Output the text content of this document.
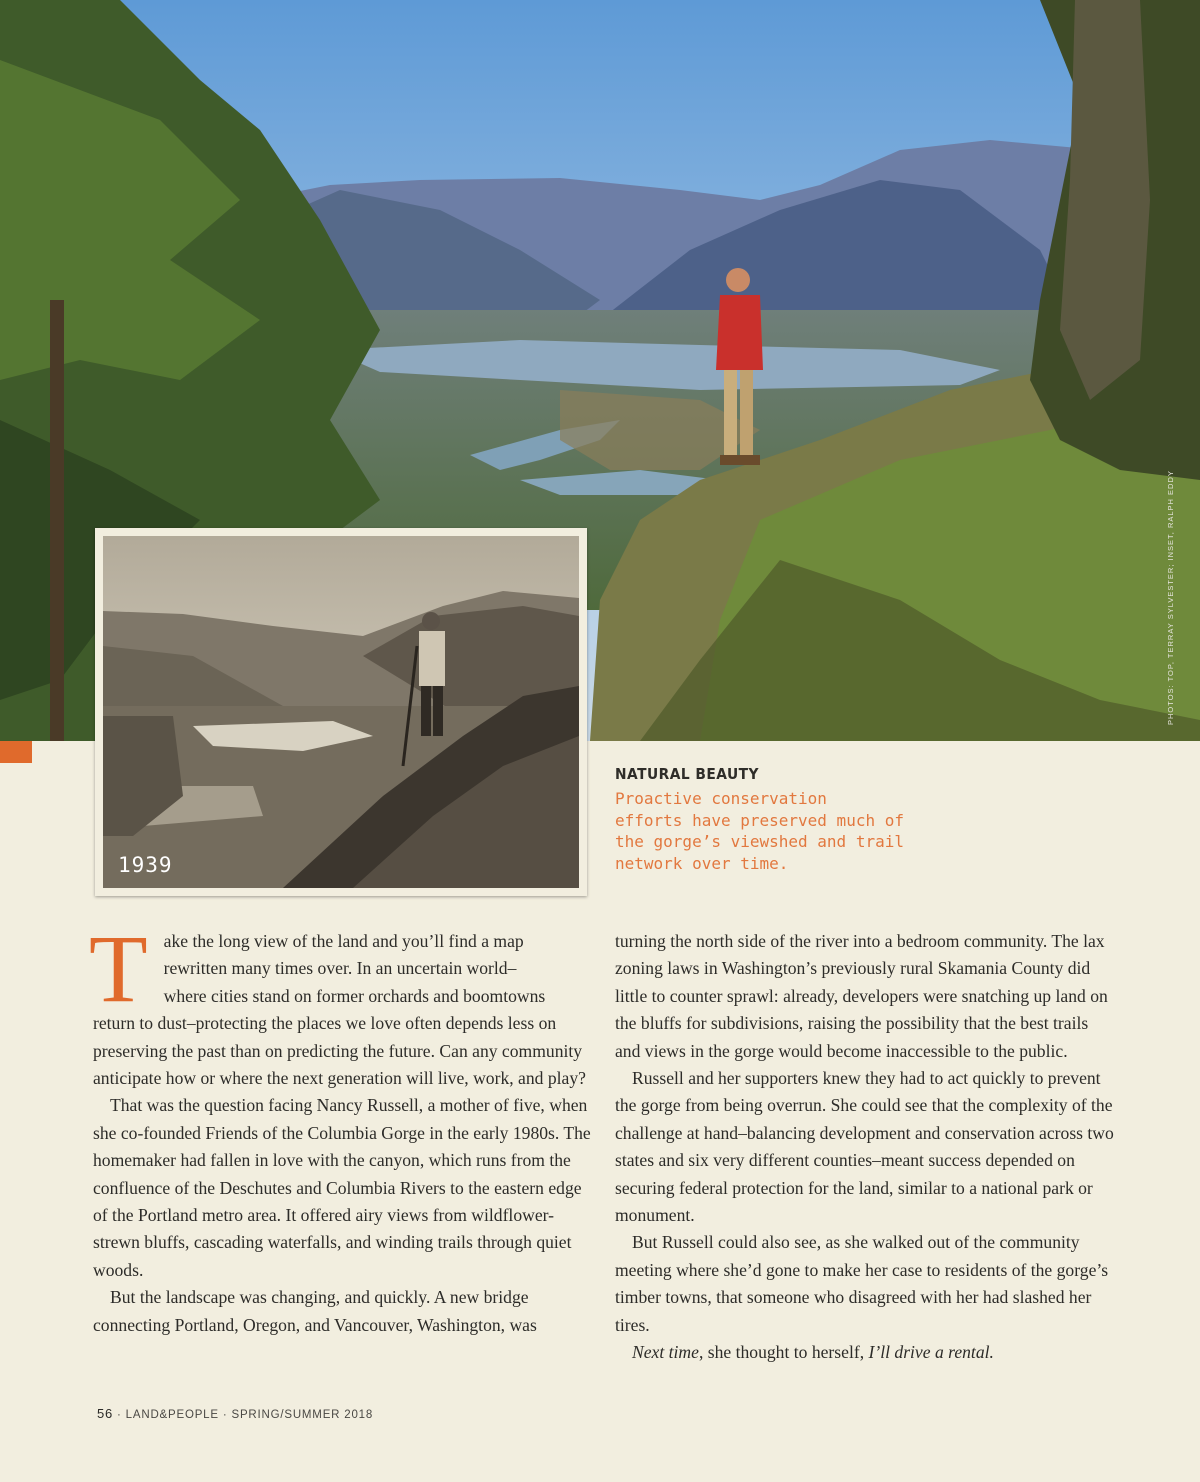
PHOTOS: TOP, TERRAY SYLVESTER; INSET, RALPH EDDY
1939
NATURAL BEAUTY
Proactive conservation
efforts have preserved much of
the gorge’s viewshed and trail
network over time.
T ake the long view of the land and you’ll find a map
rewritten many times over. In an uncertain world–
where cities stand on former orchards and boomtowns

return to dust–protecting the places we love often depends less on preserving the past than on predicting the future. Can any community anticipate how or where the next generation will live, work, and play?

That was the question facing Nancy Russell, a mother of five, when she co-founded Friends of the Columbia Gorge in the early 1980s. The homemaker had fallen in love with the canyon, which runs from the confluence of the Deschutes and Columbia Rivers to the eastern edge of the Portland metro area. It offered airy views from wildflower-strewn bluffs, cascading waterfalls, and winding trails through quiet woods.

But the landscape was changing, and quickly. A new bridge connecting Portland, Oregon, and Vancouver, Washington, was

turning the north side of the river into a bedroom community. The lax zoning laws in Washington’s previously rural Skamania County did little to counter sprawl: already, developers were snatching up land on the bluffs for subdivisions, raising the possibility that the best trails and views in the gorge would become inaccessible to the public.

Russell and her supporters knew they had to act quickly to prevent the gorge from being overrun. She could see that the complexity of the challenge at hand–balancing development and conservation across two states and six very different counties–meant success depended on securing federal protection for the land, similar to a national park or monument.

But Russell could also see, as she walked out of the community meeting where she’d gone to make her case to residents of the gorge’s timber towns, that someone who disagreed with her had slashed her tires.

Next time, she thought to herself, I’ll drive a rental.

56 · LAND&PEOPLE · SPRING/SUMMER 2018
